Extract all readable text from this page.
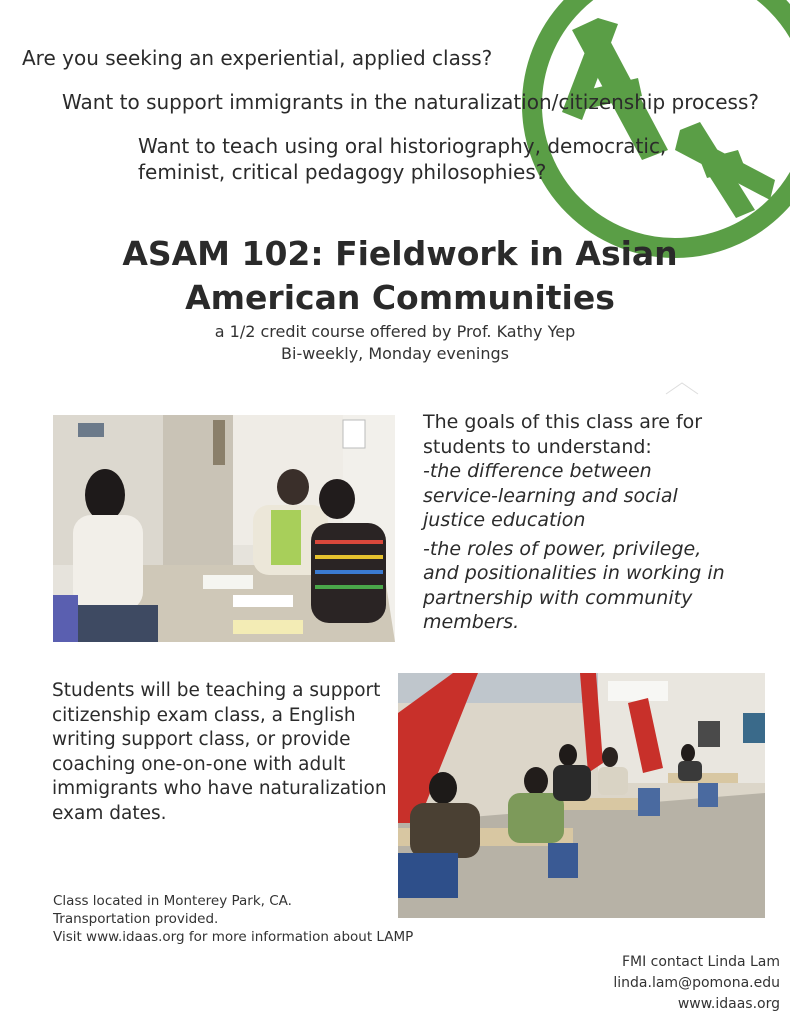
Are you seeking an experiential, applied class?
Want to support immigrants in the naturalization/citizenship process?
Want to teach using oral historiography, democratic,
feminist, critical pedagogy philosophies?
ASAM 102: Fieldwork in Asian
American Communities
a 1/2 credit course offered by Prof. Kathy Yep
Bi-weekly, Monday evenings
The goals of this class are for
students to understand:
-the difference between
service-learning and social
justice education
-the roles of power, privilege,
and positionalities in working in
partnership with community
members.
Students will be teaching a support
citizenship exam class, a English
writing support class, or provide
coaching one-on-one with adult
immigrants who have naturalization
exam dates.
Class located in Monterey Park, CA.
Transportation provided.
Visit www.idaas.org for more information about LAMP
FMI contact Linda Lam
linda.lam@pomona.edu
www.idaas.org
